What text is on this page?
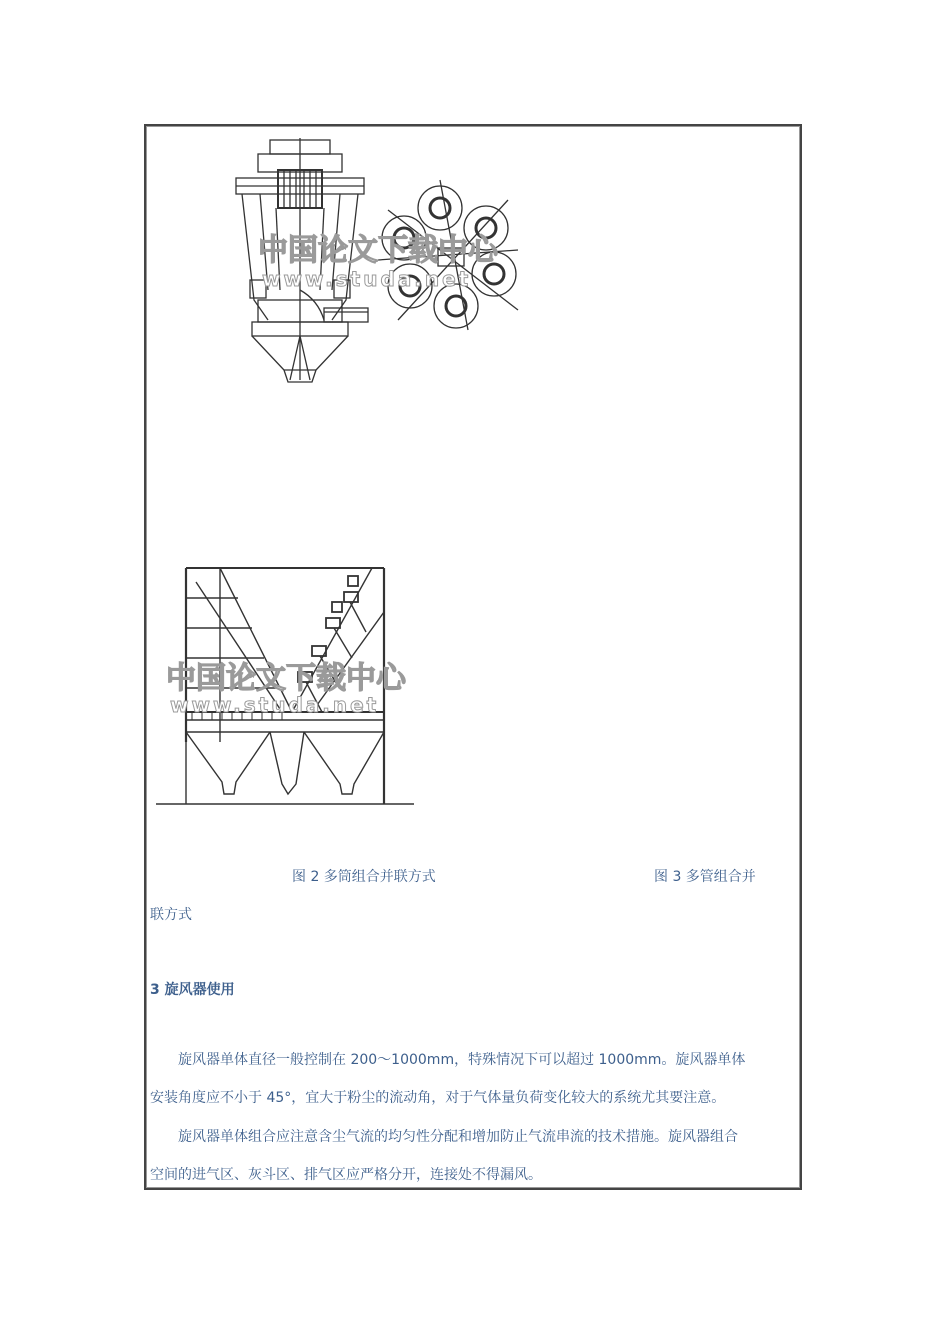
中国论文下载中心
www.studa.net
中国论文下载中心
www.studa.net
图 2 多筒组合并联方式	图 3 多管组合并
联方式
3 旋风器使用
旋风器单体直径一般控制在 200～1000mm，特殊情况下可以超过 1000mm。旋风器单体
安装角度应不小于 45°，宜大于粉尘的流动角，对于气体量负荷变化较大的系统尤其要注意。
旋风器单体组合应注意含尘气流的均匀性分配和增加防止气流串流的技术措施。旋风器组合
空间的进气区、灰斗区、排气区应严格分开，连接处不得漏风。
